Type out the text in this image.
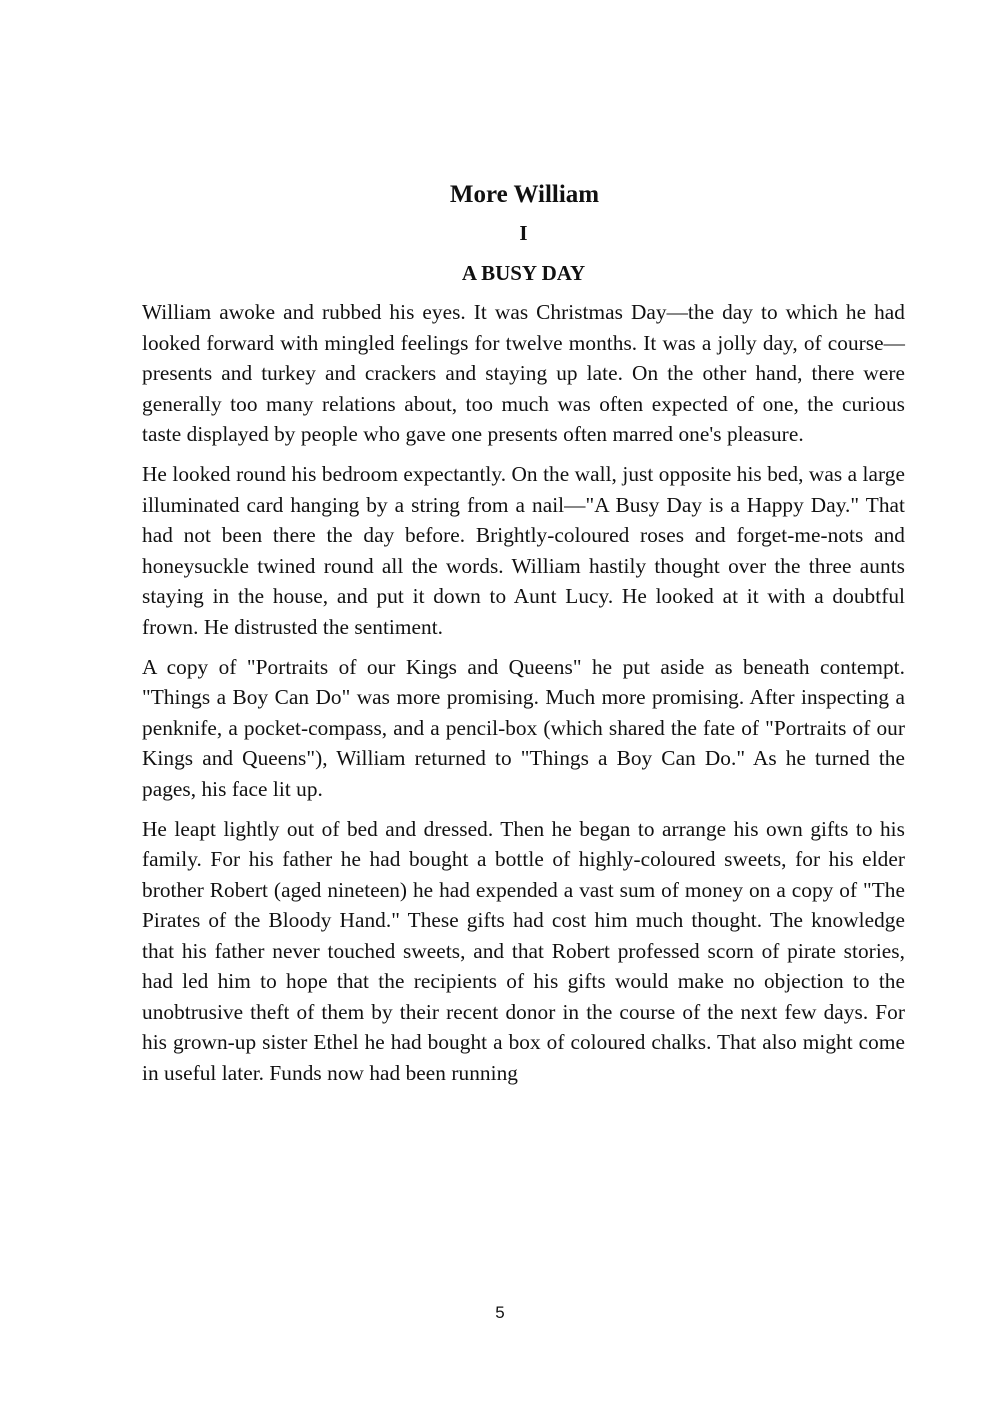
More William
I
A BUSY DAY

William awoke and rubbed his eyes. It was Christmas Day—the day to which he had looked forward with mingled feelings for twelve months. It was a jolly day, of course—presents and turkey and crackers and staying up late. On the other hand, there were generally too many relations about, too much was often expected of one, the curious taste displayed by people who gave one presents often marred one's pleasure.

He looked round his bedroom expectantly. On the wall, just opposite his bed, was a large illuminated card hanging by a string from a nail—"A Busy Day is a Happy Day." That had not been there the day before. Brightly-coloured roses and forget-me-nots and honeysuckle twined round all the words. William hastily thought over the three aunts staying in the house, and put it down to Aunt Lucy. He looked at it with a doubtful frown. He distrusted the sentiment.

A copy of "Portraits of our Kings and Queens" he put aside as beneath contempt. "Things a Boy Can Do" was more promising. Much more promising. After inspecting a penknife, a pocket-compass, and a pencil-box (which shared the fate of "Portraits of our Kings and Queens"), William returned to "Things a Boy Can Do." As he turned the pages, his face lit up.

He leapt lightly out of bed and dressed. Then he began to arrange his own gifts to his family. For his father he had bought a bottle of highly-coloured sweets, for his elder brother Robert (aged nineteen) he had expended a vast sum of money on a copy of "The Pirates of the Bloody Hand." These gifts had cost him much thought. The knowledge that his father never touched sweets, and that Robert professed scorn of pirate stories, had led him to hope that the recipients of his gifts would make no objection to the unobtrusive theft of them by their recent donor in the course of the next few days. For his grown-up sister Ethel he had bought a box of coloured chalks. That also might come in useful later. Funds now had been running

5
